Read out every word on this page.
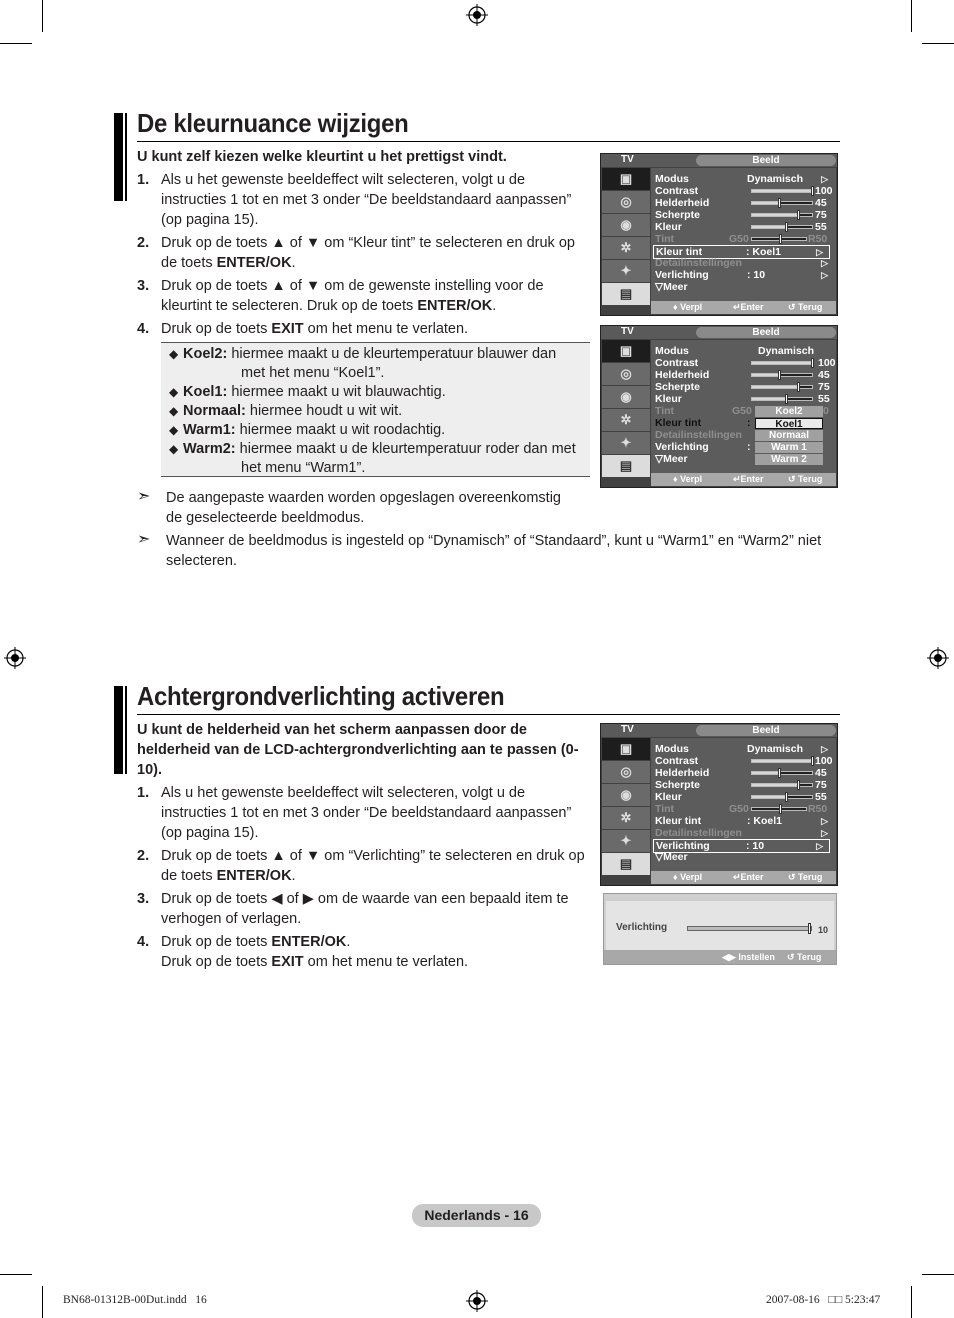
De kleurnuance wijzigen
U kunt zelf kiezen welke kleurtint u het prettigst vindt.
1. Als u het gewenste beeldeffect wilt selecteren, volgt u de instructies 1 tot en met 3 onder “De beeldstandaard aanpassen” (op pagina 15).
2. Druk op de toets ▲ of ▼ om “Kleur tint” te selecteren en druk op de toets ENTER/OK.
3. Druk op de toets ▲ of ▼ om de gewenste instelling voor de kleurtint te selecteren. Druk op de toets ENTER/OK.
4. Druk op de toets EXIT om het menu te verlaten.
◆ Koel2: hiermee maakt u de kleurtemperatuur blauwer dan
met het menu “Koel1”.
◆ Koel1: hiermee maakt u wit blauwachtig.
◆ Normaal: hiermee houdt u wit wit.
◆ Warm1: hiermee maakt u wit roodachtig.
◆ Warm2: hiermee maakt u de kleurtemperatuur roder dan met
het menu “Warm1”.
➣	De aangepaste waarden worden opgeslagen overeenkomstig de geselecteerde beeldmodus.
➣	Wanneer de beeldmodus is ingesteld op “Dynamisch” of “Standaard”, kunt u “Warm1” en “Warm2” niet selecteren.
TV	Beeld
▣
◎
◉
✲
✦
▤
Modus	Dynamisch ▷
Contrast	100
Helderheid	45
Scherpte	75
Kleur	55
Tint	G50	R50
Kleur tint	: Koel1	▷
Detailinstellingen	▷
Verlichting	: 10	▷
▽Meer
♦ Verpl	↵Enter	↺ Terug
TV	Beeld
▣
◎
◉
✲
✦
▤
Modus	Dynamisch
Contrast	100
Helderheid	45
Scherpte	75
Kleur	55
Tint	G50	0
Kleur tint	:
Detailinstellingen
Verlichting	:
▽Meer
Koel2
Koel1
Normaal
Warm 1
Warm 2
♦ Verpl	↵Enter	↺ Terug
Achtergrondverlichting activeren
U kunt de helderheid van het scherm aanpassen door de helderheid van de LCD-achtergrondverlichting aan te passen (0-10).
1. Als u het gewenste beeldeffect wilt selecteren, volgt u de instructies 1 tot en met 3 onder “De beeldstandaard aanpassen” (op pagina 15).
2. Druk op de toets ▲ of ▼ om “Verlichting” te selecteren en druk op de toets ENTER/OK.
3. Druk op de toets ◀ of ▶ om de waarde van een bepaald item te verhogen of verlagen.
4. Druk op de toets ENTER/OK.
Druk op de toets EXIT om het menu te verlaten.
TV	Beeld
▣
◎
◉
✲
✦
▤
Modus	Dynamisch ▷
Contrast	100
Helderheid	45
Scherpte	75
Kleur	55
Tint	G50	R50
Kleur tint	: Koel1	▷
Detailinstellingen	▷
Verlichting	: 10	▷
▽Meer
♦ Verpl	↵Enter	↺ Terug
Verlichting	10
◀▶ Instellen ↺ Terug
Nederlands - 16
BN68-01312B-00Dut.indd   16	2007-08-16   □□ 5:23:47
